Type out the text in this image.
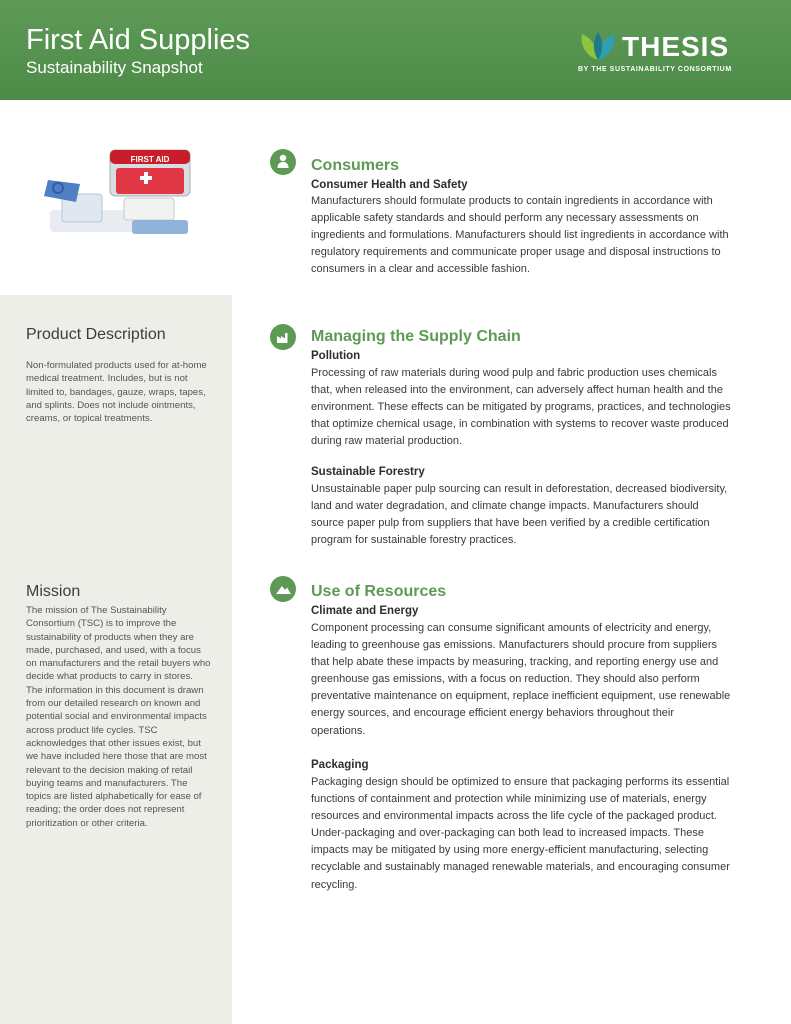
First Aid Supplies
Sustainability Snapshot
THESIS
BY THE SUSTAINABILITY CONSORTIUM
FIRST AID
Product Description
Non-formulated products used for at-home medical treatment. Includes, but is not limited to, bandages, gauze, wraps, tapes, and splints. Does not include ointments, creams, or topical treatments.
Mission
The mission of The Sustainability Consortium (TSC) is to improve the sustainability of products when they are made, purchased, and used, with a focus on manufacturers and the retail buyers who decide what products to carry in stores. The information in this document is drawn from our detailed research on known and potential social and environmental impacts across product life cycles. TSC acknowledges that other issues exist, but we have included here those that are most relevant to the decision making of retail buying teams and manufacturers. The topics are listed alphabetically for ease of reading; the order does not represent prioritization or other criteria.
Consumers
Consumer Health and Safety
Manufacturers should formulate products to contain ingredients in accordance with applicable safety standards and should perform any necessary assessments on ingredients and formulations. Manufacturers should list ingredients in accordance with regulatory requirements and communicate proper usage and disposal instructions to consumers in a clear and accessible fashion.
Managing the Supply Chain
Pollution
Processing of raw materials during wood pulp and fabric production uses chemicals that, when released into the environment, can adversely affect human health and the environment. These effects can be mitigated by programs, practices, and technologies that optimize chemical usage, in combination with systems to recover waste produced during raw material production.
Sustainable Forestry
Unsustainable paper pulp sourcing can result in deforestation, decreased biodiversity, land and water degradation, and climate change impacts. Manufacturers should source paper pulp from suppliers that have been verified by a credible certification program for sustainable forestry practices.
Use of Resources
Climate and Energy
Component processing can consume significant amounts of electricity and energy, leading to greenhouse gas emissions. Manufacturers should procure from suppliers that help abate these impacts by measuring, tracking, and reporting energy use and greenhouse gas emissions, with a focus on reduction. They should also perform preventative maintenance on equipment, replace inefficient equipment, use renewable energy sources, and encourage efficient energy behaviors throughout their operations.
Packaging
Packaging design should be optimized to ensure that packaging performs its essential functions of containment and protection while minimizing use of materials, energy resources and environmental impacts across the life cycle of the packaged product. Under-packaging and over-packaging can both lead to increased impacts. These impacts may be mitigated by using more energy-efficient manufacturing, selecting recyclable and sustainably managed renewable materials, and encouraging consumer recycling.
